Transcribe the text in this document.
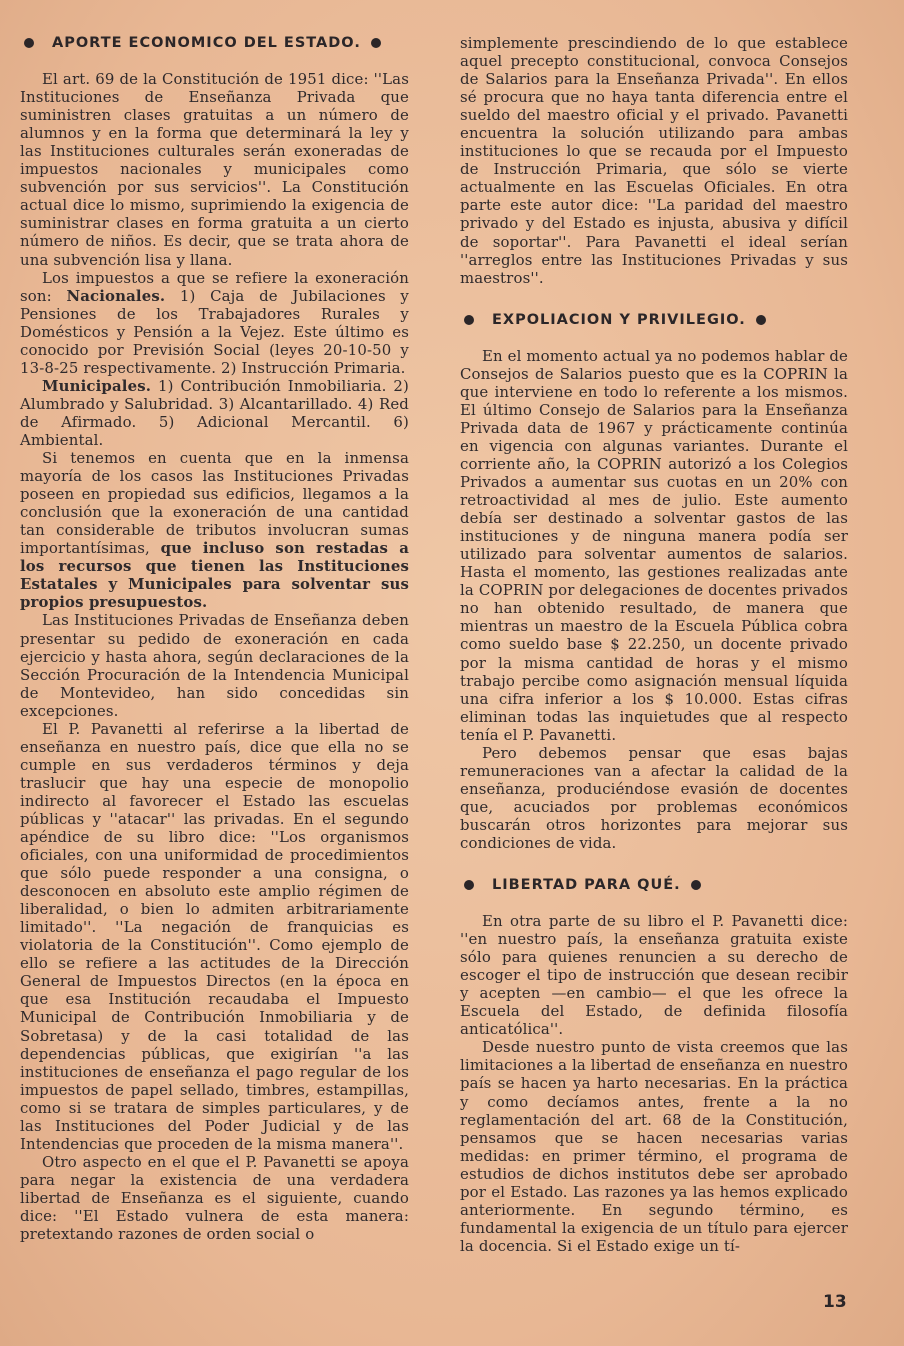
APORTE ECONOMICO DEL ESTADO.

El art. 69 de la Constitución de 1951 dice: ''Las Instituciones de Enseñanza Privada que suministren clases gratuitas a un número de alumnos y en la forma que determinará la ley y las Instituciones culturales serán exoneradas de impuestos nacionales y municipales como subvención por sus servicios''. La Constitución actual dice lo mismo, suprimiendo la exigencia de suministrar clases en forma gratuita a un cierto número de niños. Es decir, que se trata ahora de una subvención lisa y llana.

Los impuestos a que se refiere la exoneración son: Nacionales. 1) Caja de Jubilaciones y Pensiones de los Trabajadores Rurales y Domésticos y Pensión a la Vejez. Este último es conocido por Previsión Social (leyes 20-10-50 y 13-8-25 respectivamente. 2) Instrucción Primaria.

Municipales. 1) Contribución Inmobiliaria. 2) Alumbrado y Salubridad. 3) Alcantarillado. 4) Red de Afirmado. 5) Adicional Mercantil. 6) Ambiental.

Si tenemos en cuenta que en la inmensa mayoría de los casos las Instituciones Privadas poseen en propiedad sus edificios, llegamos a la conclusión que la exoneración de una cantidad tan considerable de tributos involucran sumas importantísimas, que incluso son restadas a los recursos que tienen las Instituciones Estatales y Municipales para solventar sus propios presupuestos.

Las Instituciones Privadas de Enseñanza deben presentar su pedido de exoneración en cada ejercicio y hasta ahora, según declaraciones de la Sección Procuración de la Intendencia Municipal de Montevideo, han sido concedidas sin excepciones.

El P. Pavanetti al referirse a la libertad de enseñanza en nuestro país, dice que ella no se cumple en sus verdaderos términos y deja traslucir que hay una especie de monopolio indirecto al favorecer el Estado las escuelas públicas y ''atacar'' las privadas. En el segundo apéndice de su libro dice: ''Los organismos oficiales, con una uniformidad de procedimientos que sólo puede responder a una consigna, o desconocen en absoluto este amplio régimen de liberalidad, o bien lo admiten arbitrariamente limitado''. ''La negación de franquicias es violatoria de la Constitución''. Como ejemplo de ello se refiere a las actitudes de la Dirección General de Impuestos Directos (en la época en que esa Institución recaudaba el Impuesto Municipal de Contribución Inmobiliaria y de Sobretasa) y de la casi totalidad de las dependencias públicas, que exigirían ''a las instituciones de enseñanza el pago regular de los impuestos de papel sellado, timbres, estampillas, como si se tratara de simples particulares, y de las Instituciones del Poder Judicial y de las Intendencias que proceden de la misma manera''.

Otro aspecto en el que el P. Pavanetti se apoya para negar la existencia de una verdadera libertad de Enseñanza es el siguiente, cuando dice: ''El Estado vulnera de esta manera: pretextando razones de orden social o

simplemente prescindiendo de lo que establece aquel precepto constitucional, convoca Consejos de Salarios para la Enseñanza Privada''. En ellos sé procura que no haya tanta diferencia entre el sueldo del maestro oficial y el privado. Pavanetti encuentra la solución utilizando para ambas instituciones lo que se recauda por el Impuesto de Instrucción Primaria, que sólo se vierte actualmente en las Escuelas Oficiales. En otra parte este autor dice: ''La paridad del maestro privado y del Estado es injusta, abusiva y difícil de soportar''. Para Pavanetti el ideal serían ''arreglos entre las Instituciones Privadas y sus maestros''.

EXPOLIACION Y PRIVILEGIO.

En el momento actual ya no podemos hablar de Consejos de Salarios puesto que es la COPRIN la que interviene en todo lo referente a los mismos. El último Consejo de Salarios para la Enseñanza Privada data de 1967 y prácticamente continúa en vigencia con algunas variantes. Durante el corriente año, la COPRIN autorizó a los Colegios Privados a aumentar sus cuotas en un 20% con retroactividad al mes de julio. Este aumento debía ser destinado a solventar gastos de las instituciones y de ninguna manera podía ser utilizado para solventar aumentos de salarios. Hasta el momento, las gestiones realizadas ante la COPRIN por delegaciones de docentes privados no han obtenido resultado, de manera que mientras un maestro de la Escuela Pública cobra como sueldo base $ 22.250, un docente privado por la misma cantidad de horas y el mismo trabajo percibe como asignación mensual líquida una cifra inferior a los $ 10.000. Estas cifras eliminan todas las inquietudes que al respecto tenía el P. Pavanetti.

Pero debemos pensar que esas bajas remuneraciones van a afectar la calidad de la enseñanza, produciéndose evasión de docentes que, acuciados por problemas económicos buscarán otros horizontes para mejorar sus condiciones de vida.

LIBERTAD PARA QUÉ.

En otra parte de su libro el P. Pavanetti dice: ''en nuestro país, la enseñanza gratuita existe sólo para quienes renuncien a su derecho de escoger el tipo de instrucción que desean recibir y acepten —en cambio— el que les ofrece la Escuela del Estado, de definida filosofía anticatólica''.

Desde nuestro punto de vista creemos que las limitaciones a la libertad de enseñanza en nuestro país se hacen ya harto necesarias. En la práctica y como decíamos antes, frente a la no reglamentación del art. 68 de la Constitución, pensamos que se hacen necesarias varias medidas: en primer término, el programa de estudios de dichos institutos debe ser aprobado por el Estado. Las razones ya las hemos explicado anteriormente. En segundo término, es fundamental la exigencia de un título para ejercer la docencia. Si el Estado exige un tí-

13
